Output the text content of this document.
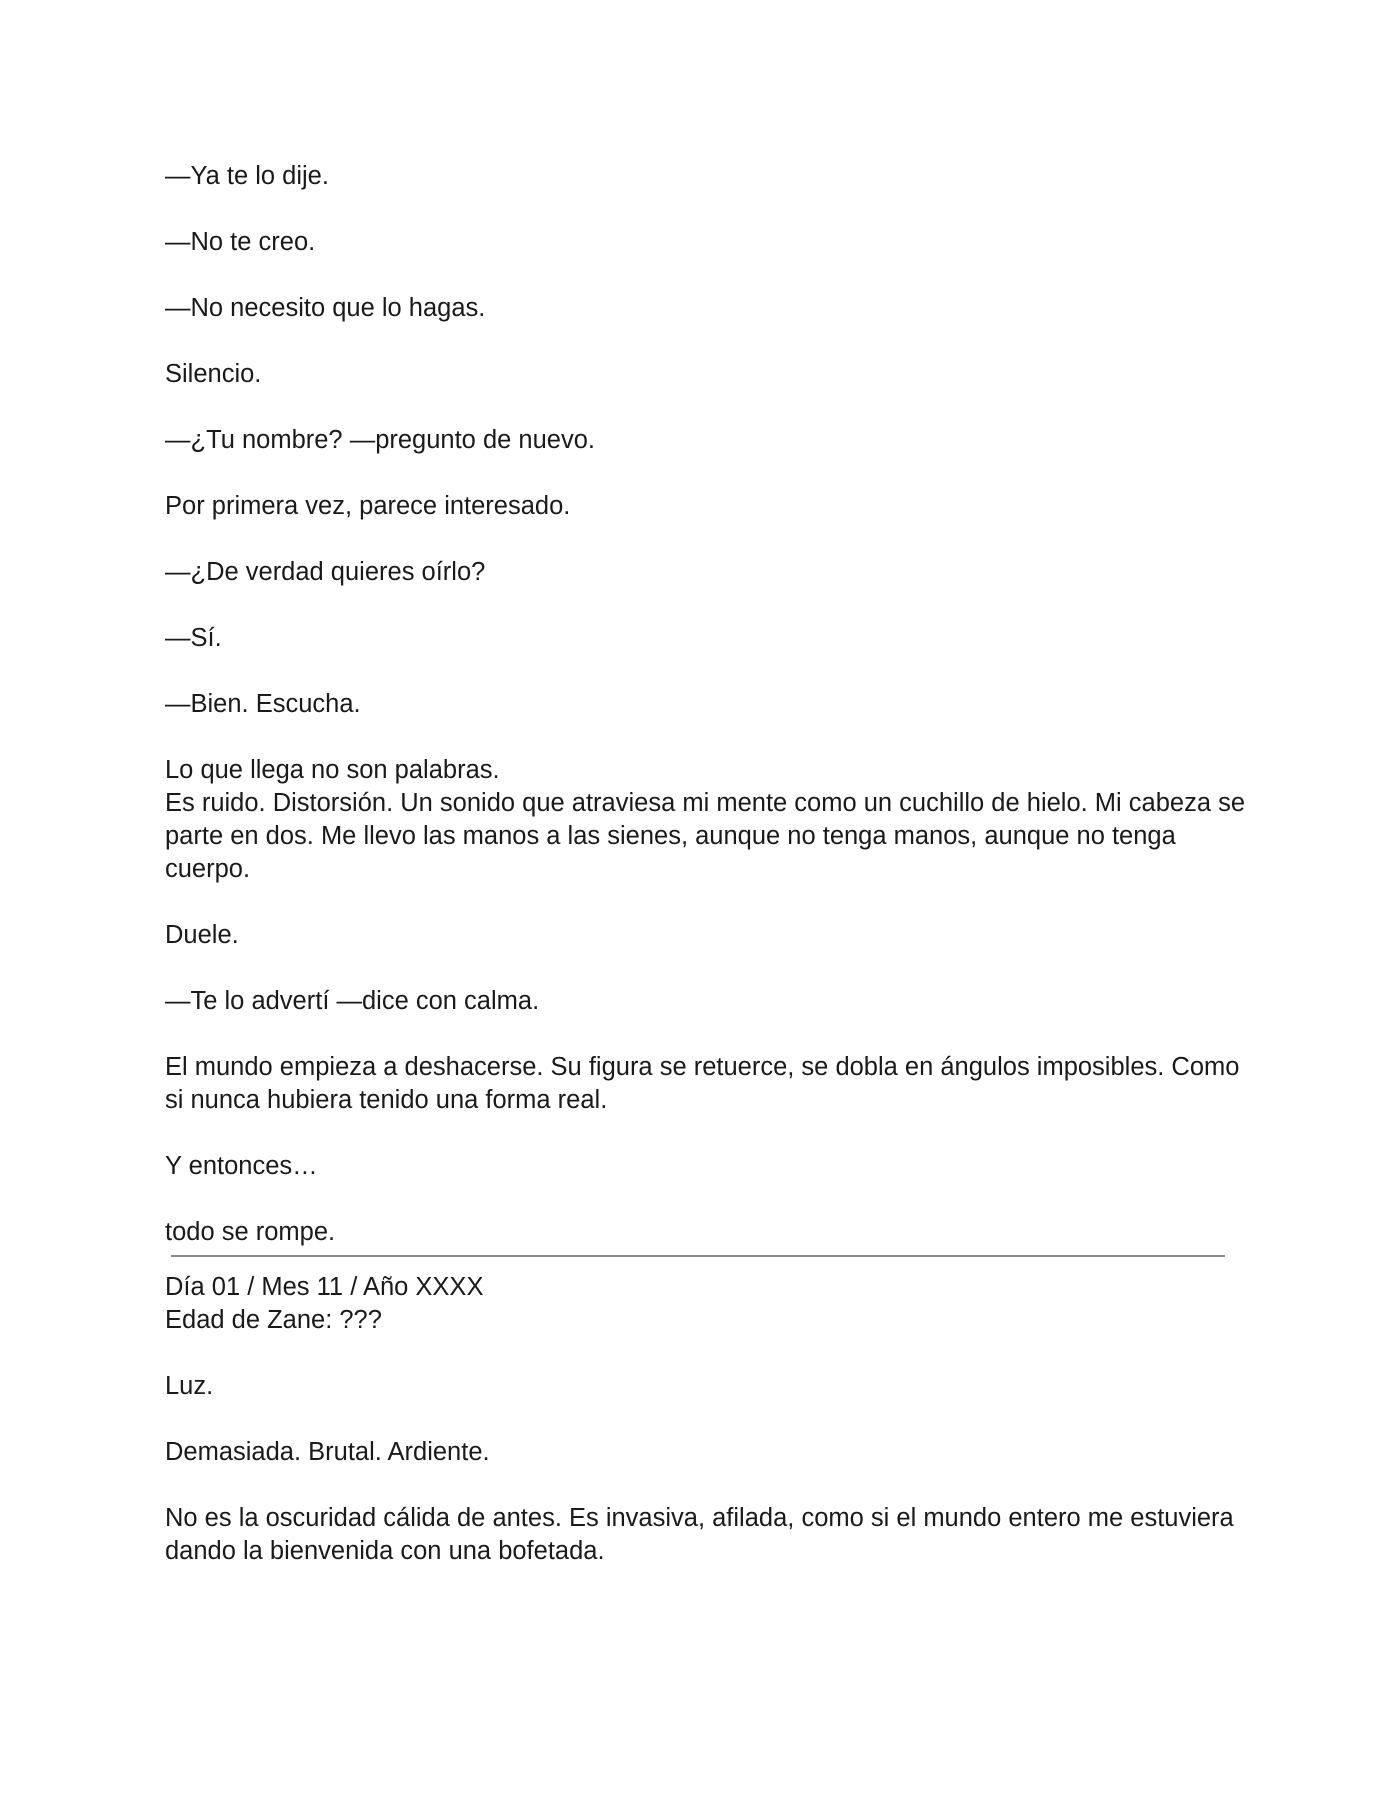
—Ya te lo dije.

—No te creo.

—No necesito que lo hagas.

Silencio.

—¿Tu nombre? —pregunto de nuevo.

Por primera vez, parece interesado.

—¿De verdad quieres oírlo?

—Sí.

—Bien. Escucha.

Lo que llega no son palabras.

Es ruido. Distorsión. Un sonido que atraviesa mi mente como un cuchillo de hielo. Mi cabeza se

parte en dos. Me llevo las manos a las sienes, aunque no tenga manos, aunque no tenga

cuerpo.

Duele.

—Te lo advertí —dice con calma.

El mundo empieza a deshacerse. Su figura se retuerce, se dobla en ángulos imposibles. Como

si nunca hubiera tenido una forma real.

Y entonces…

todo se rompe.

Día 01 / Mes 11 / Año XXXX

Edad de Zane: ???

Luz.

Demasiada. Brutal. Ardiente.

No es la oscuridad cálida de antes. Es invasiva, afilada, como si el mundo entero me estuviera

dando la bienvenida con una bofetada.
